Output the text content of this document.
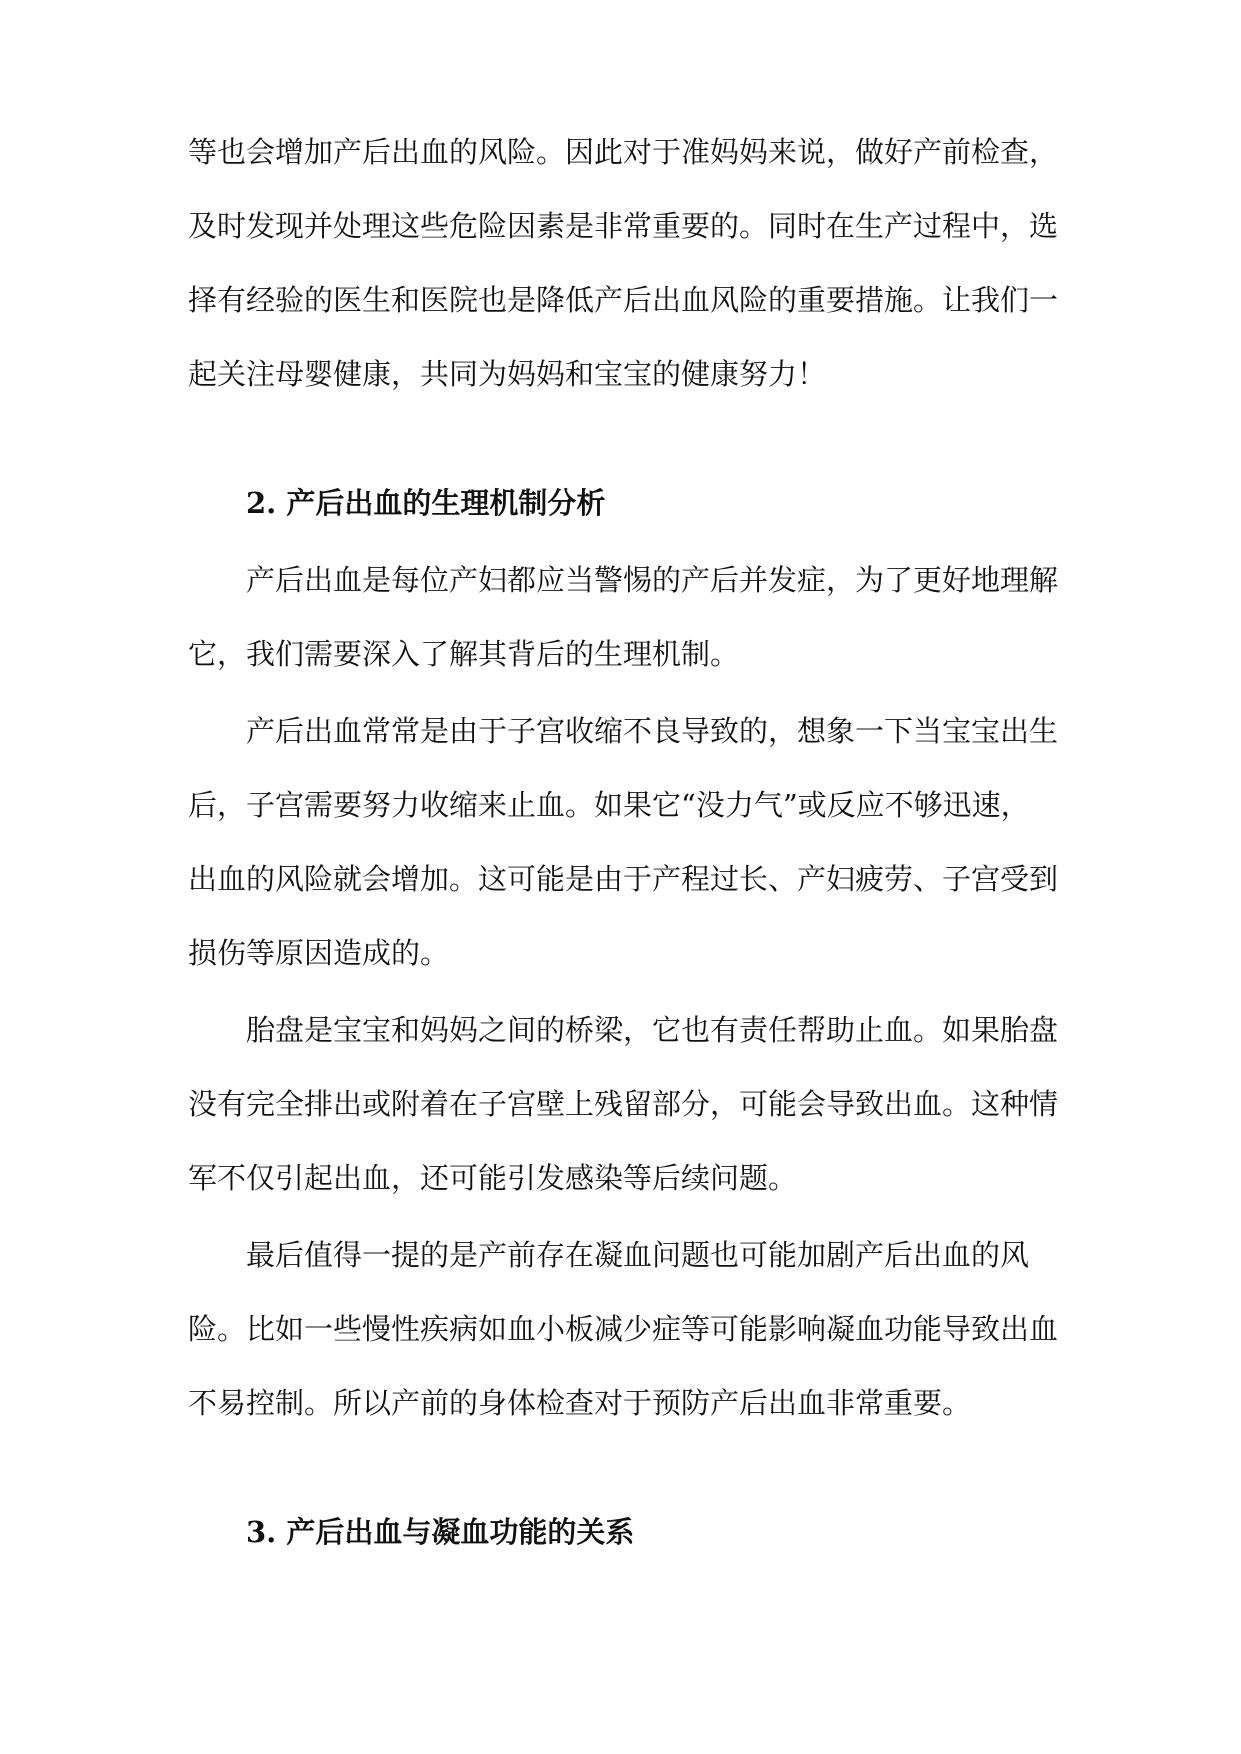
等也会增加产后出血的风险。因此对于准妈妈来说，做好产前检查，
及时发现并处理这些危险因素是非常重要的。同时在生产过程中，选
择有经验的医生和医院也是降低产后出血风险的重要措施。让我们一
起关注母婴健康，共同为妈妈和宝宝的健康努力！
2. 产后出血的生理机制分析
产后出血是每位产妇都应当警惕的产后并发症，为了更好地理解
它，我们需要深入了解其背后的生理机制。
产后出血常常是由于子宫收缩不良导致的，想象一下当宝宝出生
后，子宫需要努力收缩来止血。如果它“没力气”或反应不够迅速，
出血的风险就会增加。这可能是由于产程过长、产妇疲劳、子宫受到
损伤等原因造成的。
胎盘是宝宝和妈妈之间的桥梁，它也有责任帮助止血。如果胎盘
没有完全排出或附着在子宫壁上残留部分，可能会导致出血。这种情
军不仅引起出血，还可能引发感染等后续问题。
最后值得一提的是产前存在凝血问题也可能加剧产后出血的风
险。比如一些慢性疾病如血小板减少症等可能影响凝血功能导致出血
不易控制。所以产前的身体检查对于预防产后出血非常重要。
3. 产后出血与凝血功能的关系
